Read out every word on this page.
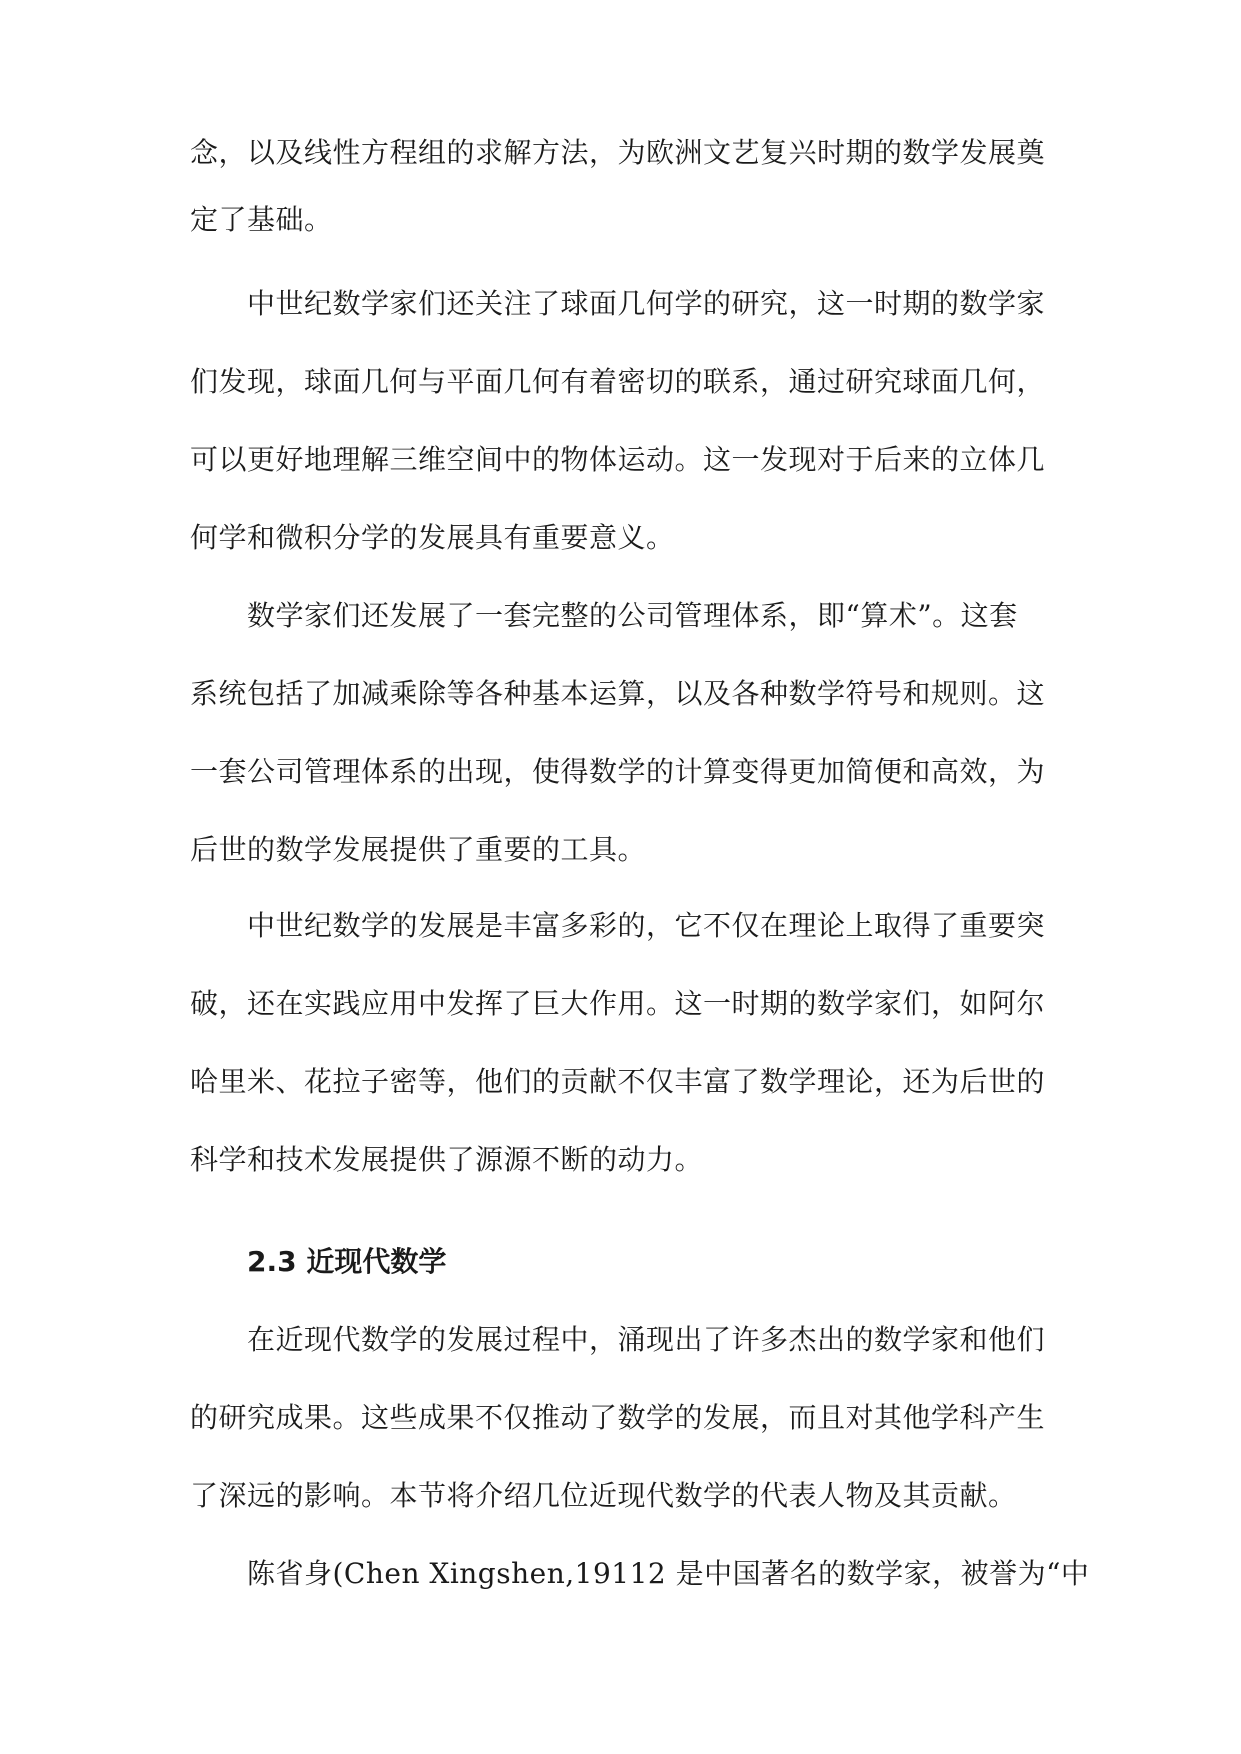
念，以及线性方程组的求解方法，为欧洲文艺复兴时期的数学发展奠
定了基础。
　　中世纪数学家们还关注了球面几何学的研究，这一时期的数学家
们发现，球面几何与平面几何有着密切的联系，通过研究球面几何，
可以更好地理解三维空间中的物体运动。这一发现对于后来的立体几
何学和微积分学的发展具有重要意义。
　　数学家们还发展了一套完整的公司管理体系，即“算术”。这套
系统包括了加减乘除等各种基本运算，以及各种数学符号和规则。这
一套公司管理体系的出现，使得数学的计算变得更加简便和高效，为
后世的数学发展提供了重要的工具。
　　中世纪数学的发展是丰富多彩的，它不仅在理论上取得了重要突
破，还在实践应用中发挥了巨大作用。这一时期的数学家们，如阿尔
哈里米、花拉子密等，他们的贡献不仅丰富了数学理论，还为后世的
科学和技术发展提供了源源不断的动力。
2.3 近现代数学
　　在近现代数学的发展过程中，涌现出了许多杰出的数学家和他们
的研究成果。这些成果不仅推动了数学的发展，而且对其他学科产生
了深远的影响。本节将介绍几位近现代数学的代表人物及其贡献。
　　陈省身(Chen Xingshen,19112 是中国著名的数学家，被誉为“中
